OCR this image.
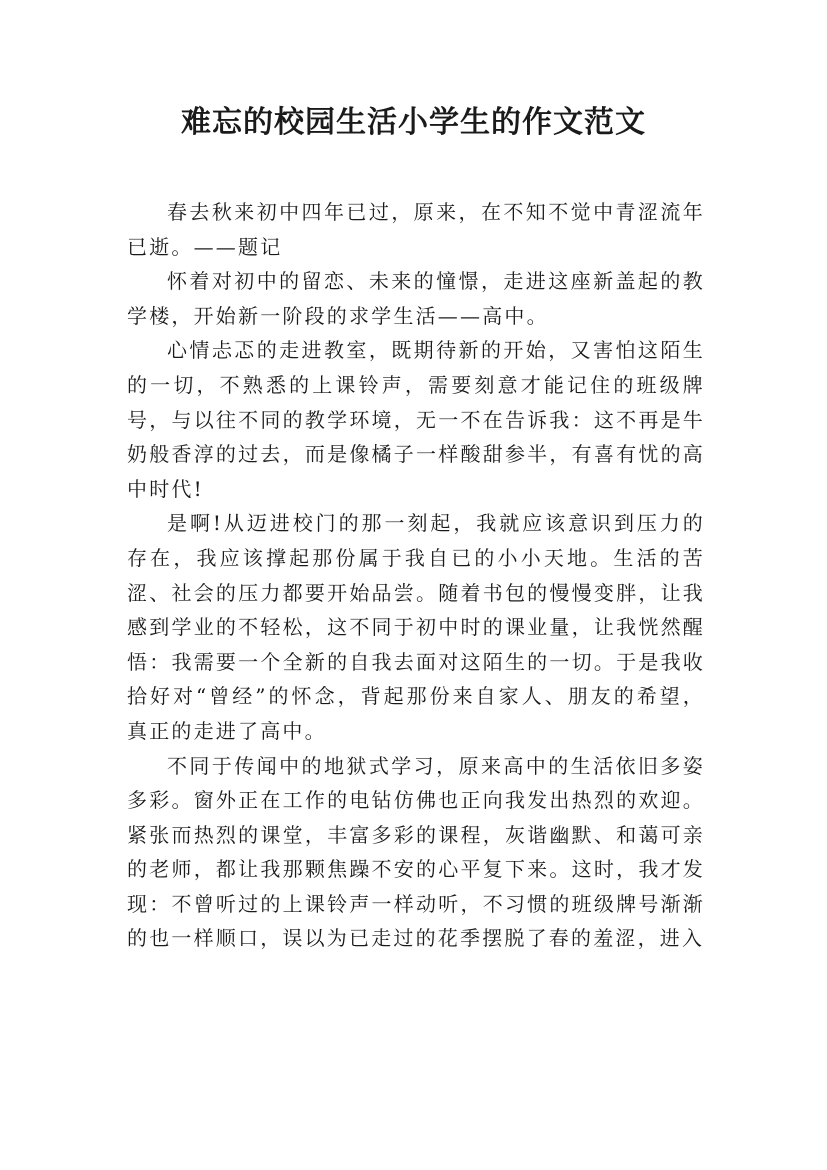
难忘的校园生活小学生的作文范文

春去秋来初中四年已过，原来，在不知不觉中青涩流年已逝。——题记

怀着对初中的留恋、未来的憧憬，走进这座新盖起的教学楼，开始新一阶段的求学生活——高中。

心情忐忑的走进教室，既期待新的开始，又害怕这陌生的一切，不熟悉的上课铃声，需要刻意才能记住的班级牌号，与以往不同的教学环境，无一不在告诉我：这不再是牛奶般香淳的过去，而是像橘子一样酸甜参半，有喜有忧的高中时代!

是啊!从迈进校门的那一刻起，我就应该意识到压力的存在，我应该撑起那份属于我自已的小小天地。生活的苦涩、社会的压力都要开始品尝。随着书包的慢慢变胖，让我感到学业的不轻松，这不同于初中时的课业量，让我恍然醒悟：我需要一个全新的自我去面对这陌生的一切。于是我收拾好对“曾经”的怀念，背起那份来自家人、朋友的希望，真正的走进了高中。

不同于传闻中的地狱式学习，原来高中的生活依旧多姿多彩。窗外正在工作的电钻仿佛也正向我发出热烈的欢迎。紧张而热烈的课堂，丰富多彩的课程，灰谐幽默、和蔼可亲的老师，都让我那颗焦躁不安的心平复下来。这时，我才发现：不曾听过的上课铃声一样动听，不习惯的班级牌号渐渐的也一样顺口，误以为已走过的花季摆脱了春的羞涩，进入
